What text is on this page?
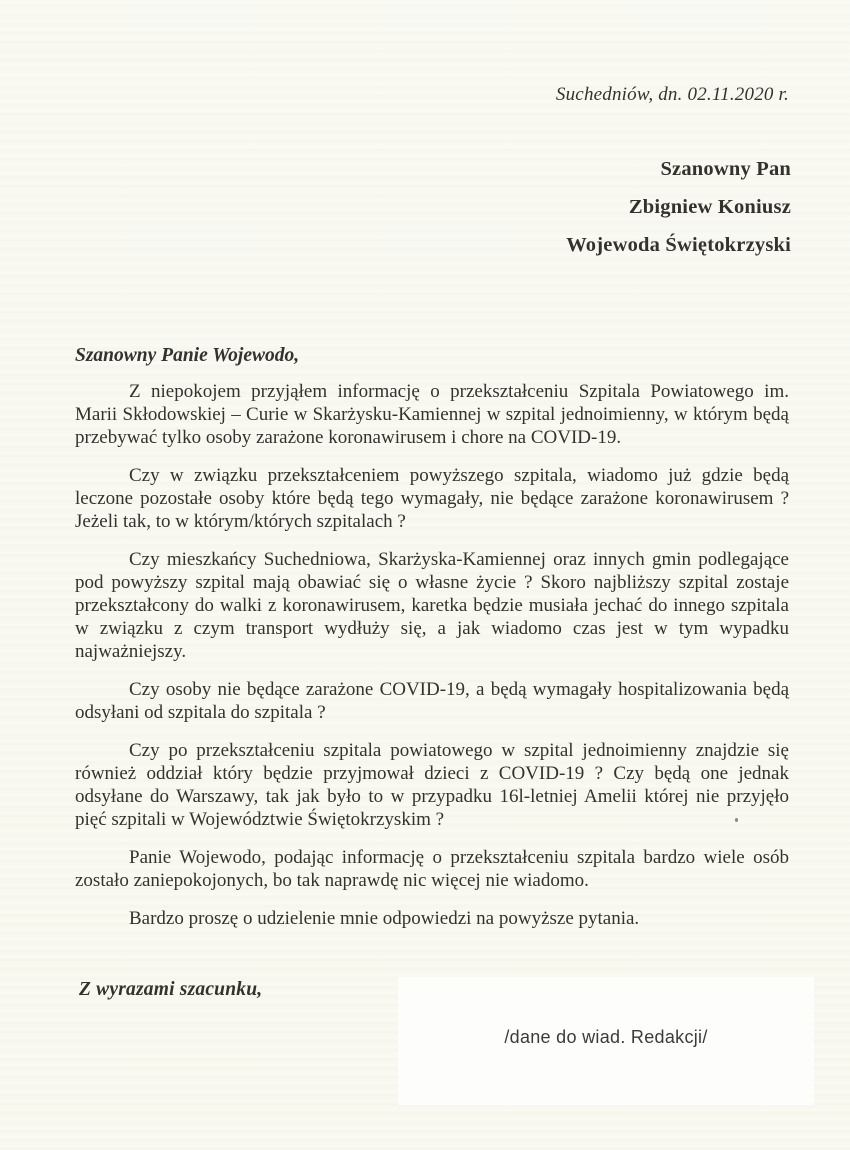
Suchedniów, dn. 02.11.2020 r.
Szanowny Pan
Zbigniew Koniusz
Wojewoda Świętokrzyski
Szanowny Panie Wojewodo,

Z niepokojem przyjąłem informację o przekształceniu Szpitala Powiatowego im. Marii Skłodowskiej – Curie w Skarżysku-Kamiennej w szpital jednoimienny, w którym będą przebywać tylko osoby zarażone koronawirusem i chore na COVID-19.

Czy w związku przekształceniem powyższego szpitala, wiadomo już gdzie będą leczone pozostałe osoby które będą tego wymagały, nie będące zarażone koronawirusem ? Jeżeli tak, to w którym/których szpitalach ?

Czy mieszkańcy Suchedniowa, Skarżyska-Kamiennej oraz innych gmin podlegające pod powyższy szpital mają obawiać się o własne życie ? Skoro najbliższy szpital zostaje przekształcony do walki z koronawirusem, karetka będzie musiała jechać do innego szpitala w związku z czym transport wydłuży się, a jak wiadomo czas jest w tym wypadku najważniejszy.

Czy osoby nie będące zarażone COVID-19, a będą wymagały hospitalizowania będą odsyłani od szpitala do szpitala ?

Czy po przekształceniu szpitala powiatowego w szpital jednoimienny znajdzie się również oddział który będzie przyjmował dzieci z COVID-19 ? Czy będą one jednak odsyłane do Warszawy, tak jak było to w przypadku 16l-letniej Amelii której nie przyjęło pięć szpitali w Województwie Świętokrzyskim ?

Panie Wojewodo, podając informację o przekształceniu szpitala bardzo wiele osób zostało zaniepokojonych, bo tak naprawdę nic więcej nie wiadomo.

Bardzo proszę o udzielenie mnie odpowiedzi na powyższe pytania.

Z wyrazami szacunku,
/dane do wiad. Redakcji/
